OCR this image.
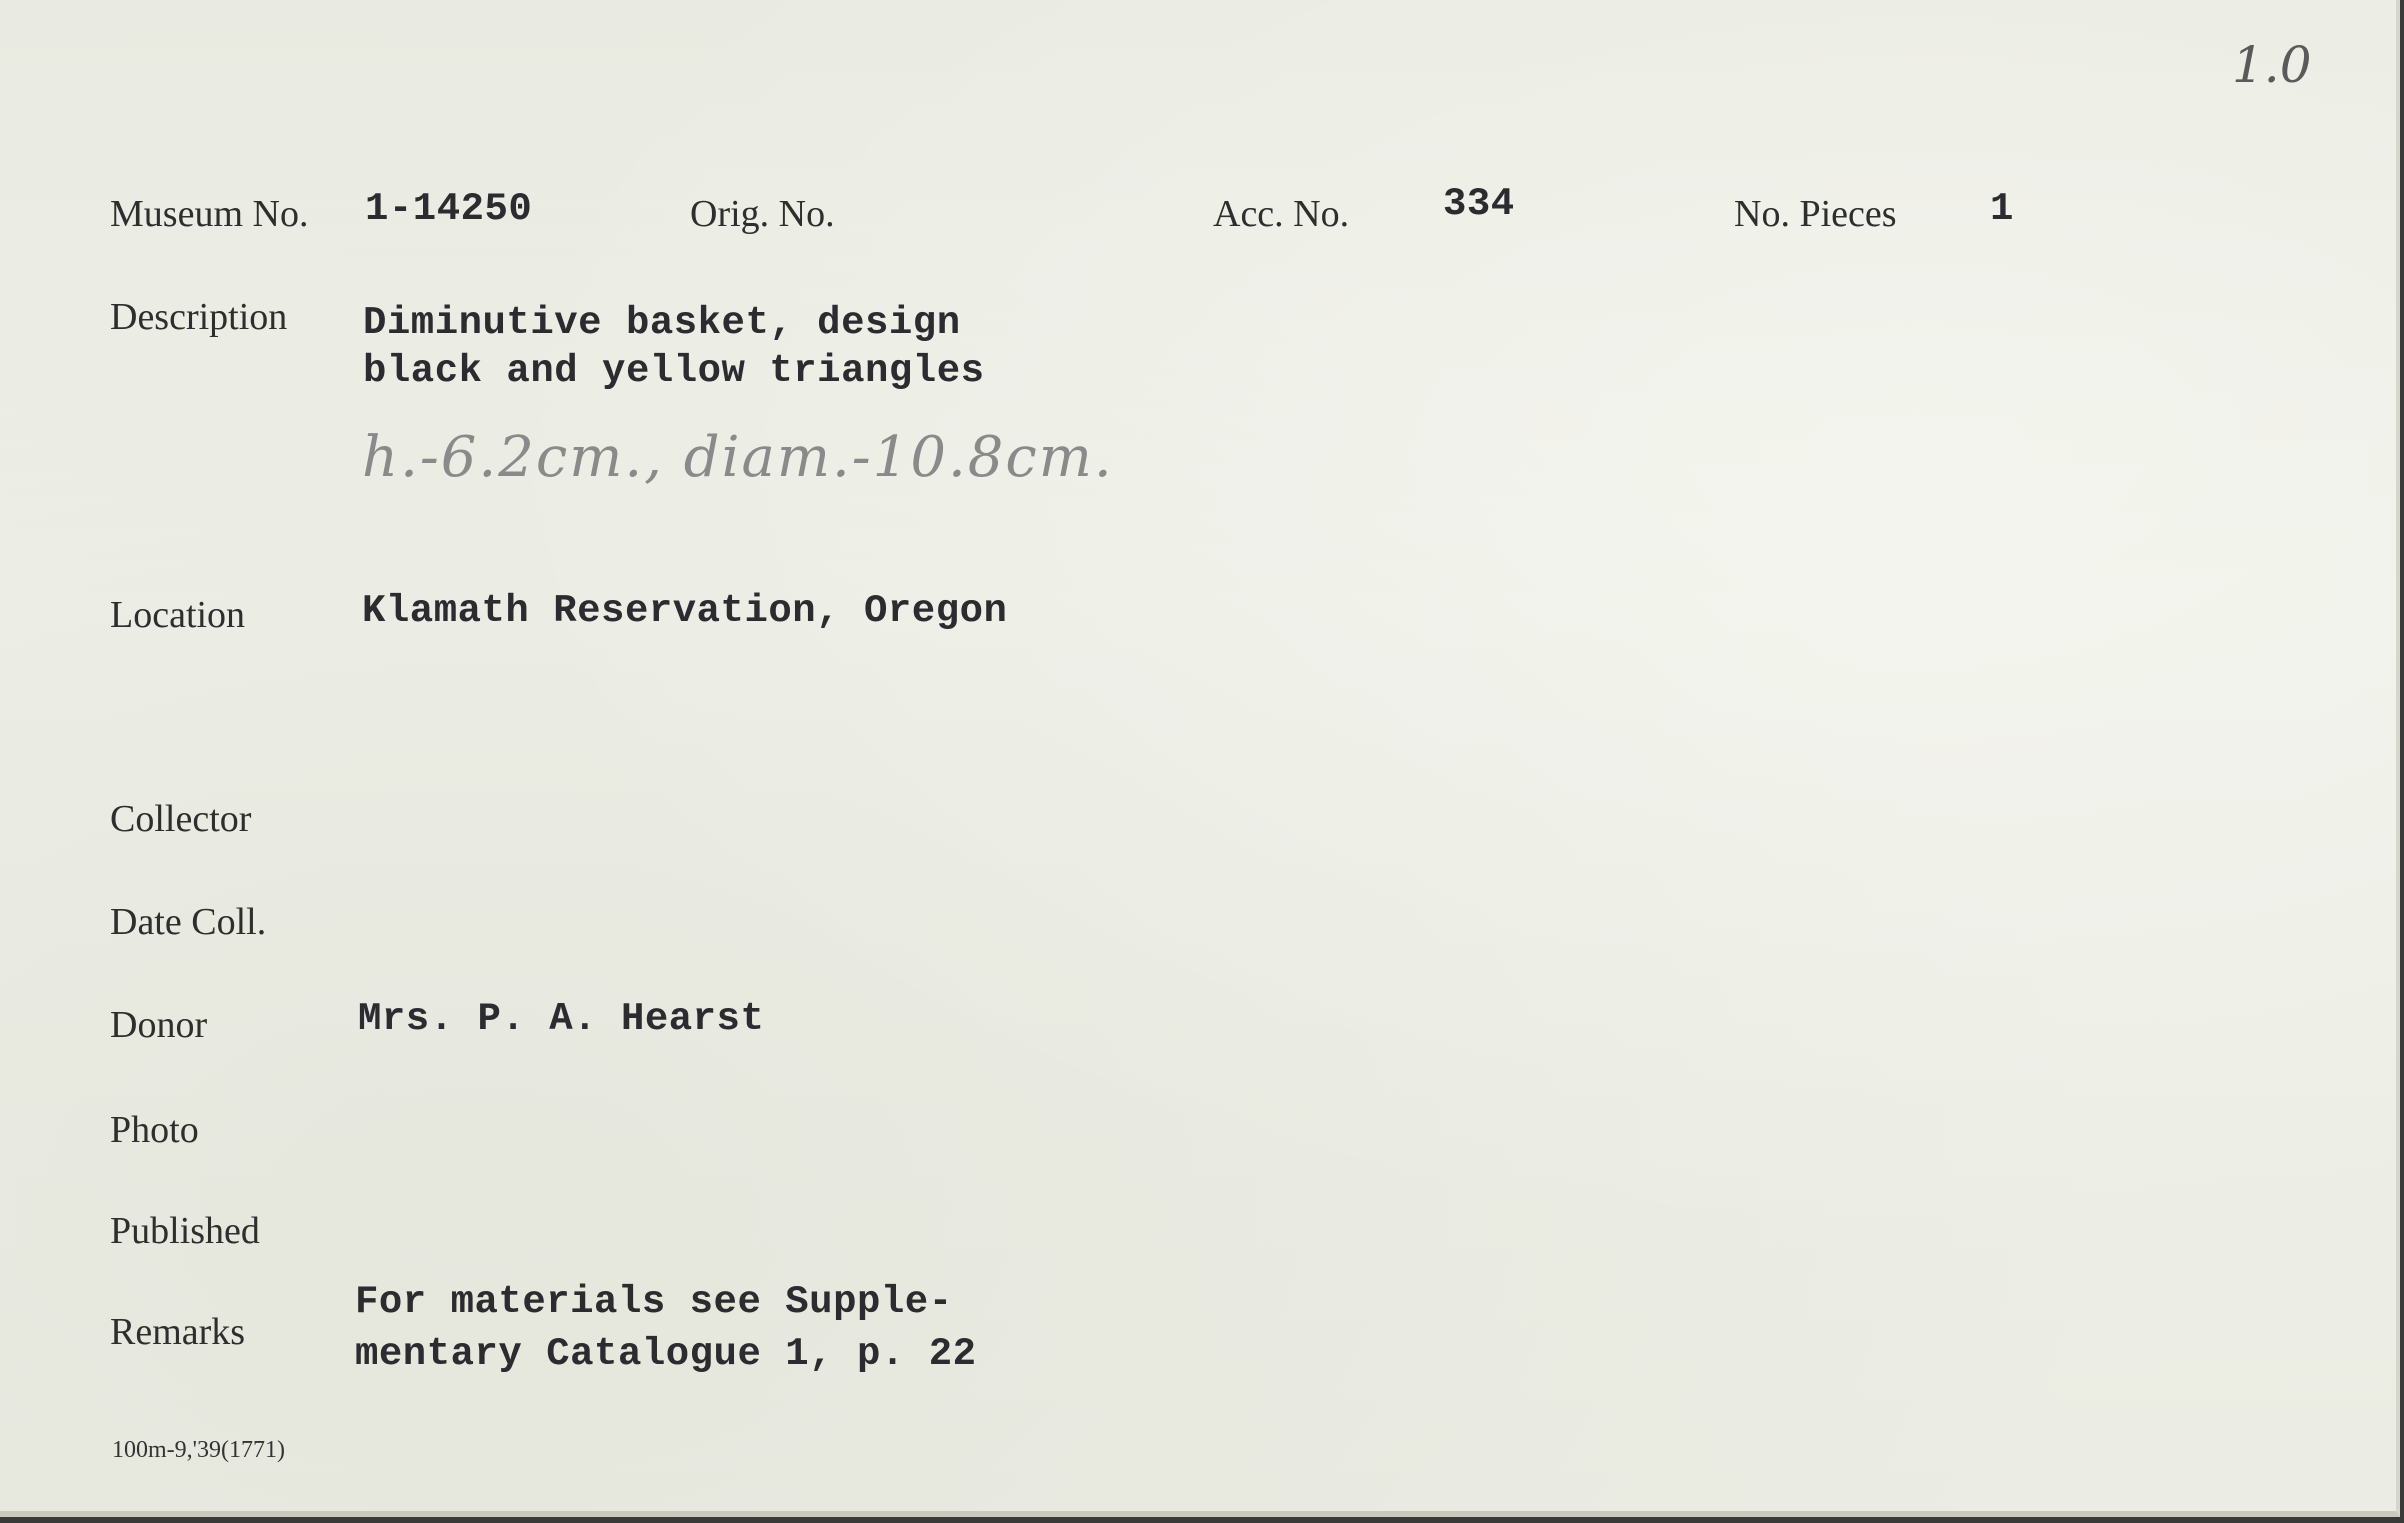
1.0
Museum No. 1-14250	Orig. No.	Acc. No. 334	No. Pieces 1
Description Diminutive basket, design
black and yellow triangles
h.-6.2cm., diam.-10.8cm.
Location	Klamath Reservation, Oregon
Collector
Date Coll.
Donor	Mrs. P. A. Hearst
Photo
Published
Remarks
For materials see Supple-
mentary Catalogue 1, p. 22
100m-9,'39(1771)
